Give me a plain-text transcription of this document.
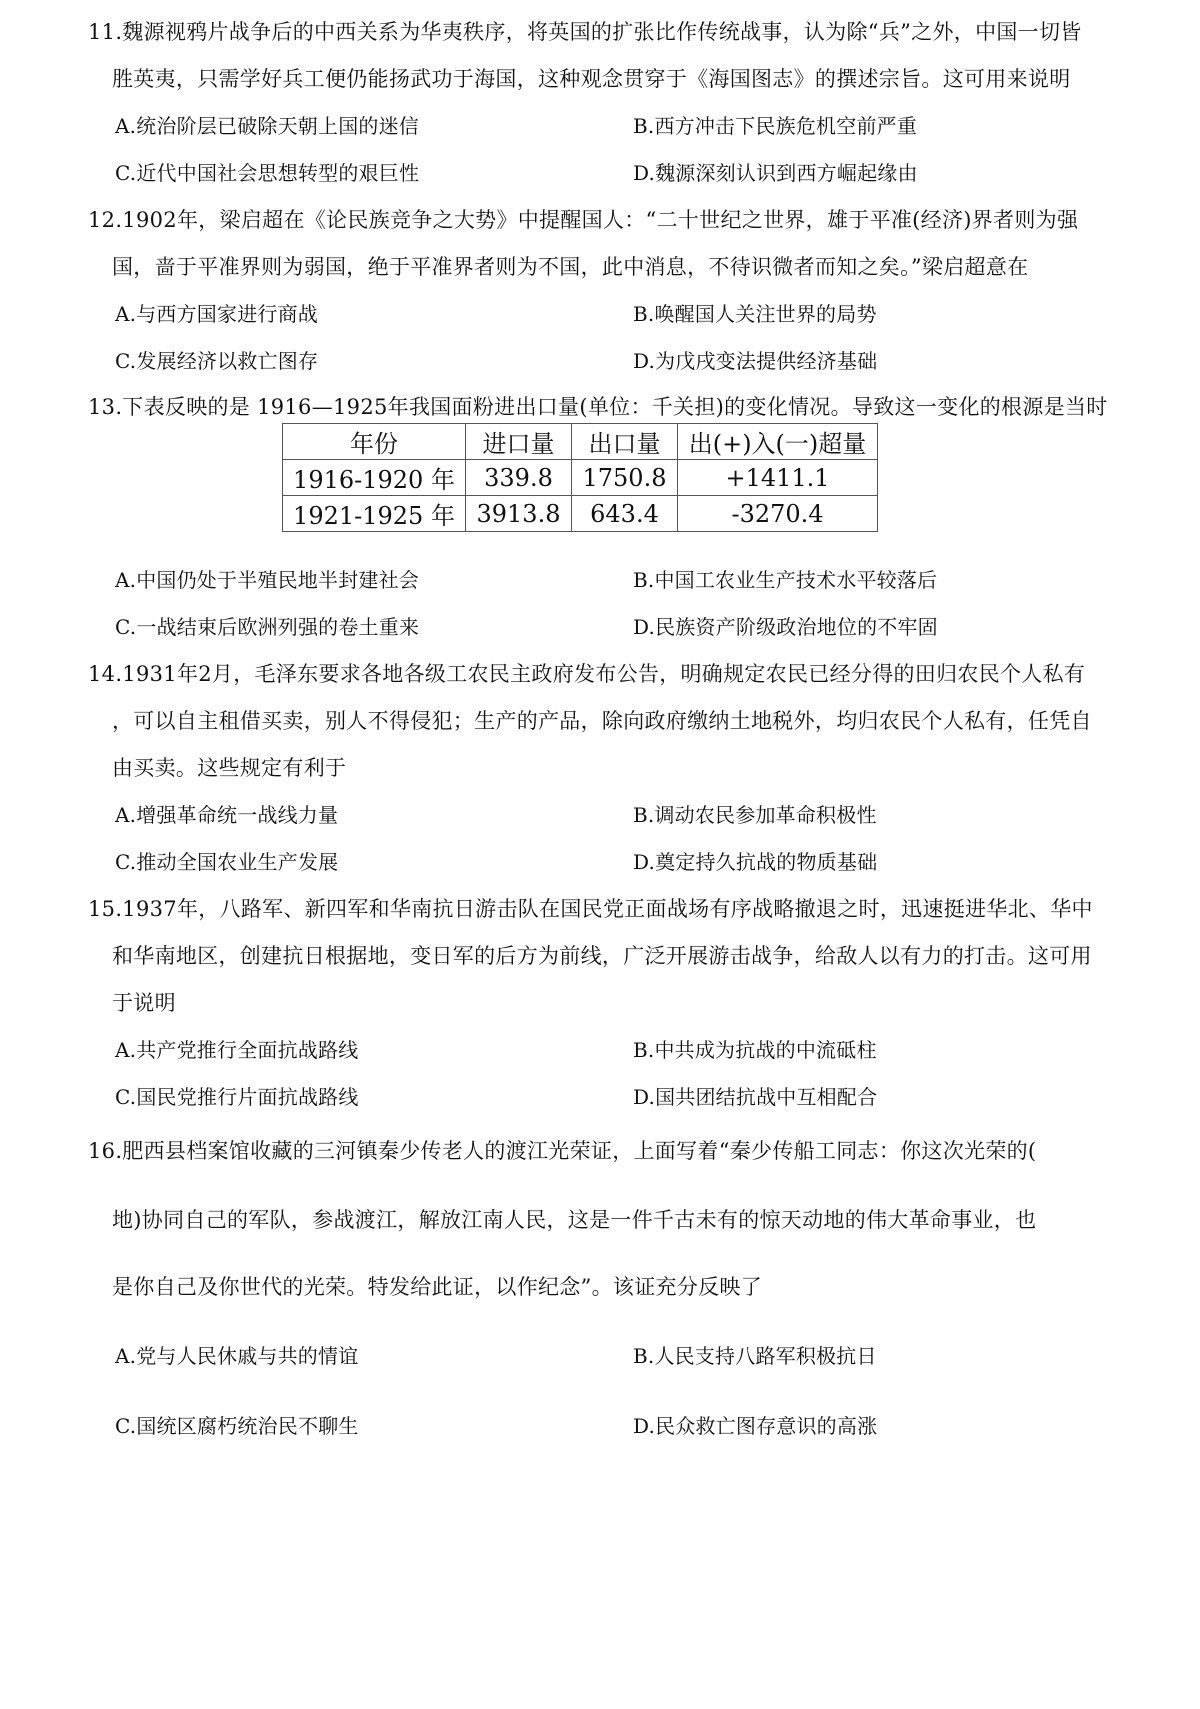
11.魏源视鸦片战争后的中西关系为华夷秩序，将英国的扩张比作传统战事，认为除“兵”之外，中国一切皆
胜英夷，只需学好兵工便仍能扬武功于海国，这种观念贯穿于《海国图志》的撰述宗旨。这可用来说明
A.统治阶层已破除天朝上国的迷信	B.西方冲击下民族危机空前严重
C.近代中国社会思想转型的艰巨性	D.魏源深刻认识到西方崛起缘由
12.1902年，梁启超在《论民族竞争之大势》中提醒国人：“二十世纪之世界，雄于平准(经济)界者则为强
国，啬于平准界则为弱国，绝于平准界者则为不国，此中消息，不待识微者而知之矣。”梁启超意在
A.与西方国家进行商战	B.唤醒国人关注世界的局势
C.发展经济以救亡图存	D.为戊戌变法提供经济基础
13.下表反映的是 1916—1925年我国面粉进出口量(单位：千关担)的变化情况。导致这一变化的根源是当时
年份	进口量	出口量	出(+)入(一)超量
1916-1920 年	339.8	1750.8	+1411.1
1921-1925 年	3913.8	643.4	-3270.4
A.中国仍处于半殖民地半封建社会	B.中国工农业生产技术水平较落后
C.一战结束后欧洲列强的卷土重来	D.民族资产阶级政治地位的不牢固
14.1931年2月，毛泽东要求各地各级工农民主政府发布公告，明确规定农民已经分得的田归农民个人私有
，可以自主租借买卖，别人不得侵犯；生产的产品，除向政府缴纳土地税外，均归农民个人私有，任凭自
由买卖。这些规定有利于
A.增强革命统一战线力量	B.调动农民参加革命积极性
C.推动全国农业生产发展	D.奠定持久抗战的物质基础
15.1937年，八路军、新四军和华南抗日游击队在国民党正面战场有序战略撤退之时，迅速挺进华北、华中
和华南地区，创建抗日根据地，变日军的后方为前线，广泛开展游击战争，给敌人以有力的打击。这可用
于说明
A.共产党推行全面抗战路线	B.中共成为抗战的中流砥柱
C.国民党推行片面抗战路线	D.国共团结抗战中互相配合
16.肥西县档案馆收藏的三河镇秦少传老人的渡江光荣证，上面写着“秦少传船工同志：你这次光荣的(
地)协同自己的军队，参战渡江，解放江南人民，这是一件千古未有的惊天动地的伟大革命事业，也
是你自己及你世代的光荣。特发给此证，以作纪念”。该证充分反映了
A.党与人民休戚与共的情谊	B.人民支持八路军积极抗日
C.国统区腐朽统治民不聊生	D.民众救亡图存意识的高涨
